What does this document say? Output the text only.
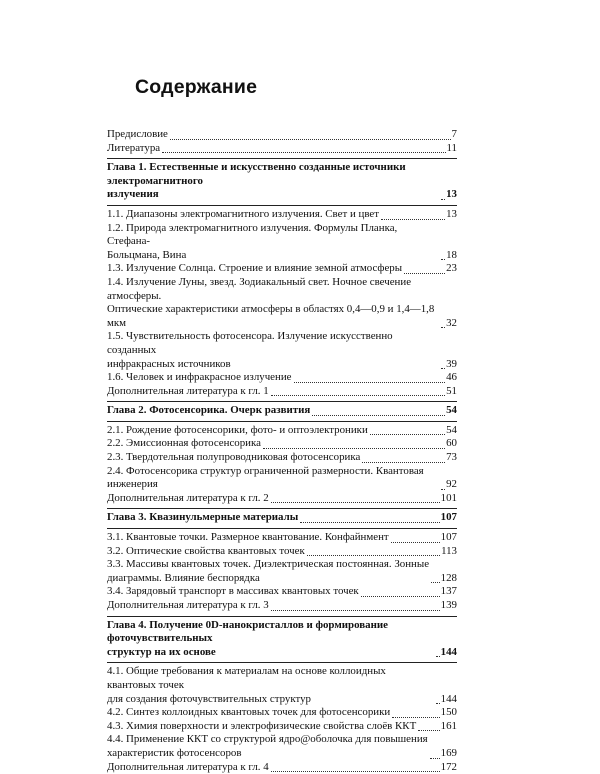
Содержание
Предисловие	7
Литература	11
Глава 1. Естественные и искусственно созданные источники электромагнитного
излучения	13
1.1. Диапазоны электромагнитного излучения. Свет и цвет	13
1.2. Природа электромагнитного излучения. Формулы Планка, Стефана-
Больцмана, Вина	18
1.3. Излучение Солнца. Строение и влияние земной атмосферы	23
1.4. Излучение Луны, звезд. Зодиакальный свет. Ночное свечение атмосферы.
Оптические характеристики атмосферы в областях 0,4—0,9 и 1,4—1,8 мкм	32
1.5. Чувствительность фотосенсора. Излучение искусственно созданных
инфракрасных источников	39
1.6. Человек и инфракрасное излучение	46
Дополнительная литература к гл. 1	51
Глава 2. Фотосенсорика. Очерк развития	54
2.1. Рождение фотосенсорики, фото- и оптоэлектроники	54
2.2. Эмиссионная фотосенсорика	60
2.3. Твердотельная полупроводниковая фотосенсорика	73
2.4. Фотосенсорика структур ограниченной размерности. Квантовая инженерия	92
Дополнительная литература к гл. 2	101
Глава 3. Квазинульмерные материалы	107
3.1. Квантовые точки. Размерное квантование. Конфайнмент	107
3.2. Оптические свойства квантовых точек	113
3.3. Массивы квантовых точек. Диэлектрическая постоянная. Зонные
диаграммы. Влияние беспорядка	128
3.4. Зарядовый транспорт в массивах квантовых точек	137
Дополнительная литература к гл. 3	139
Глава 4. Получение 0D-нанокристаллов и формирование фоточувствительных
структур на их основе	144
4.1. Общие требования к материалам на основе коллоидных квантовых точек
для создания фоточувствительных структур	144
4.2. Синтез коллоидных квантовых точек для фотосенсорики	150
4.3. Химия поверхности и электрофизические свойства слоёв ККТ 161
4.4. Применение ККТ со структурой ядро@оболочка для повышения
характеристик фотосенсоров	169
Дополнительная литература к гл. 4	172
